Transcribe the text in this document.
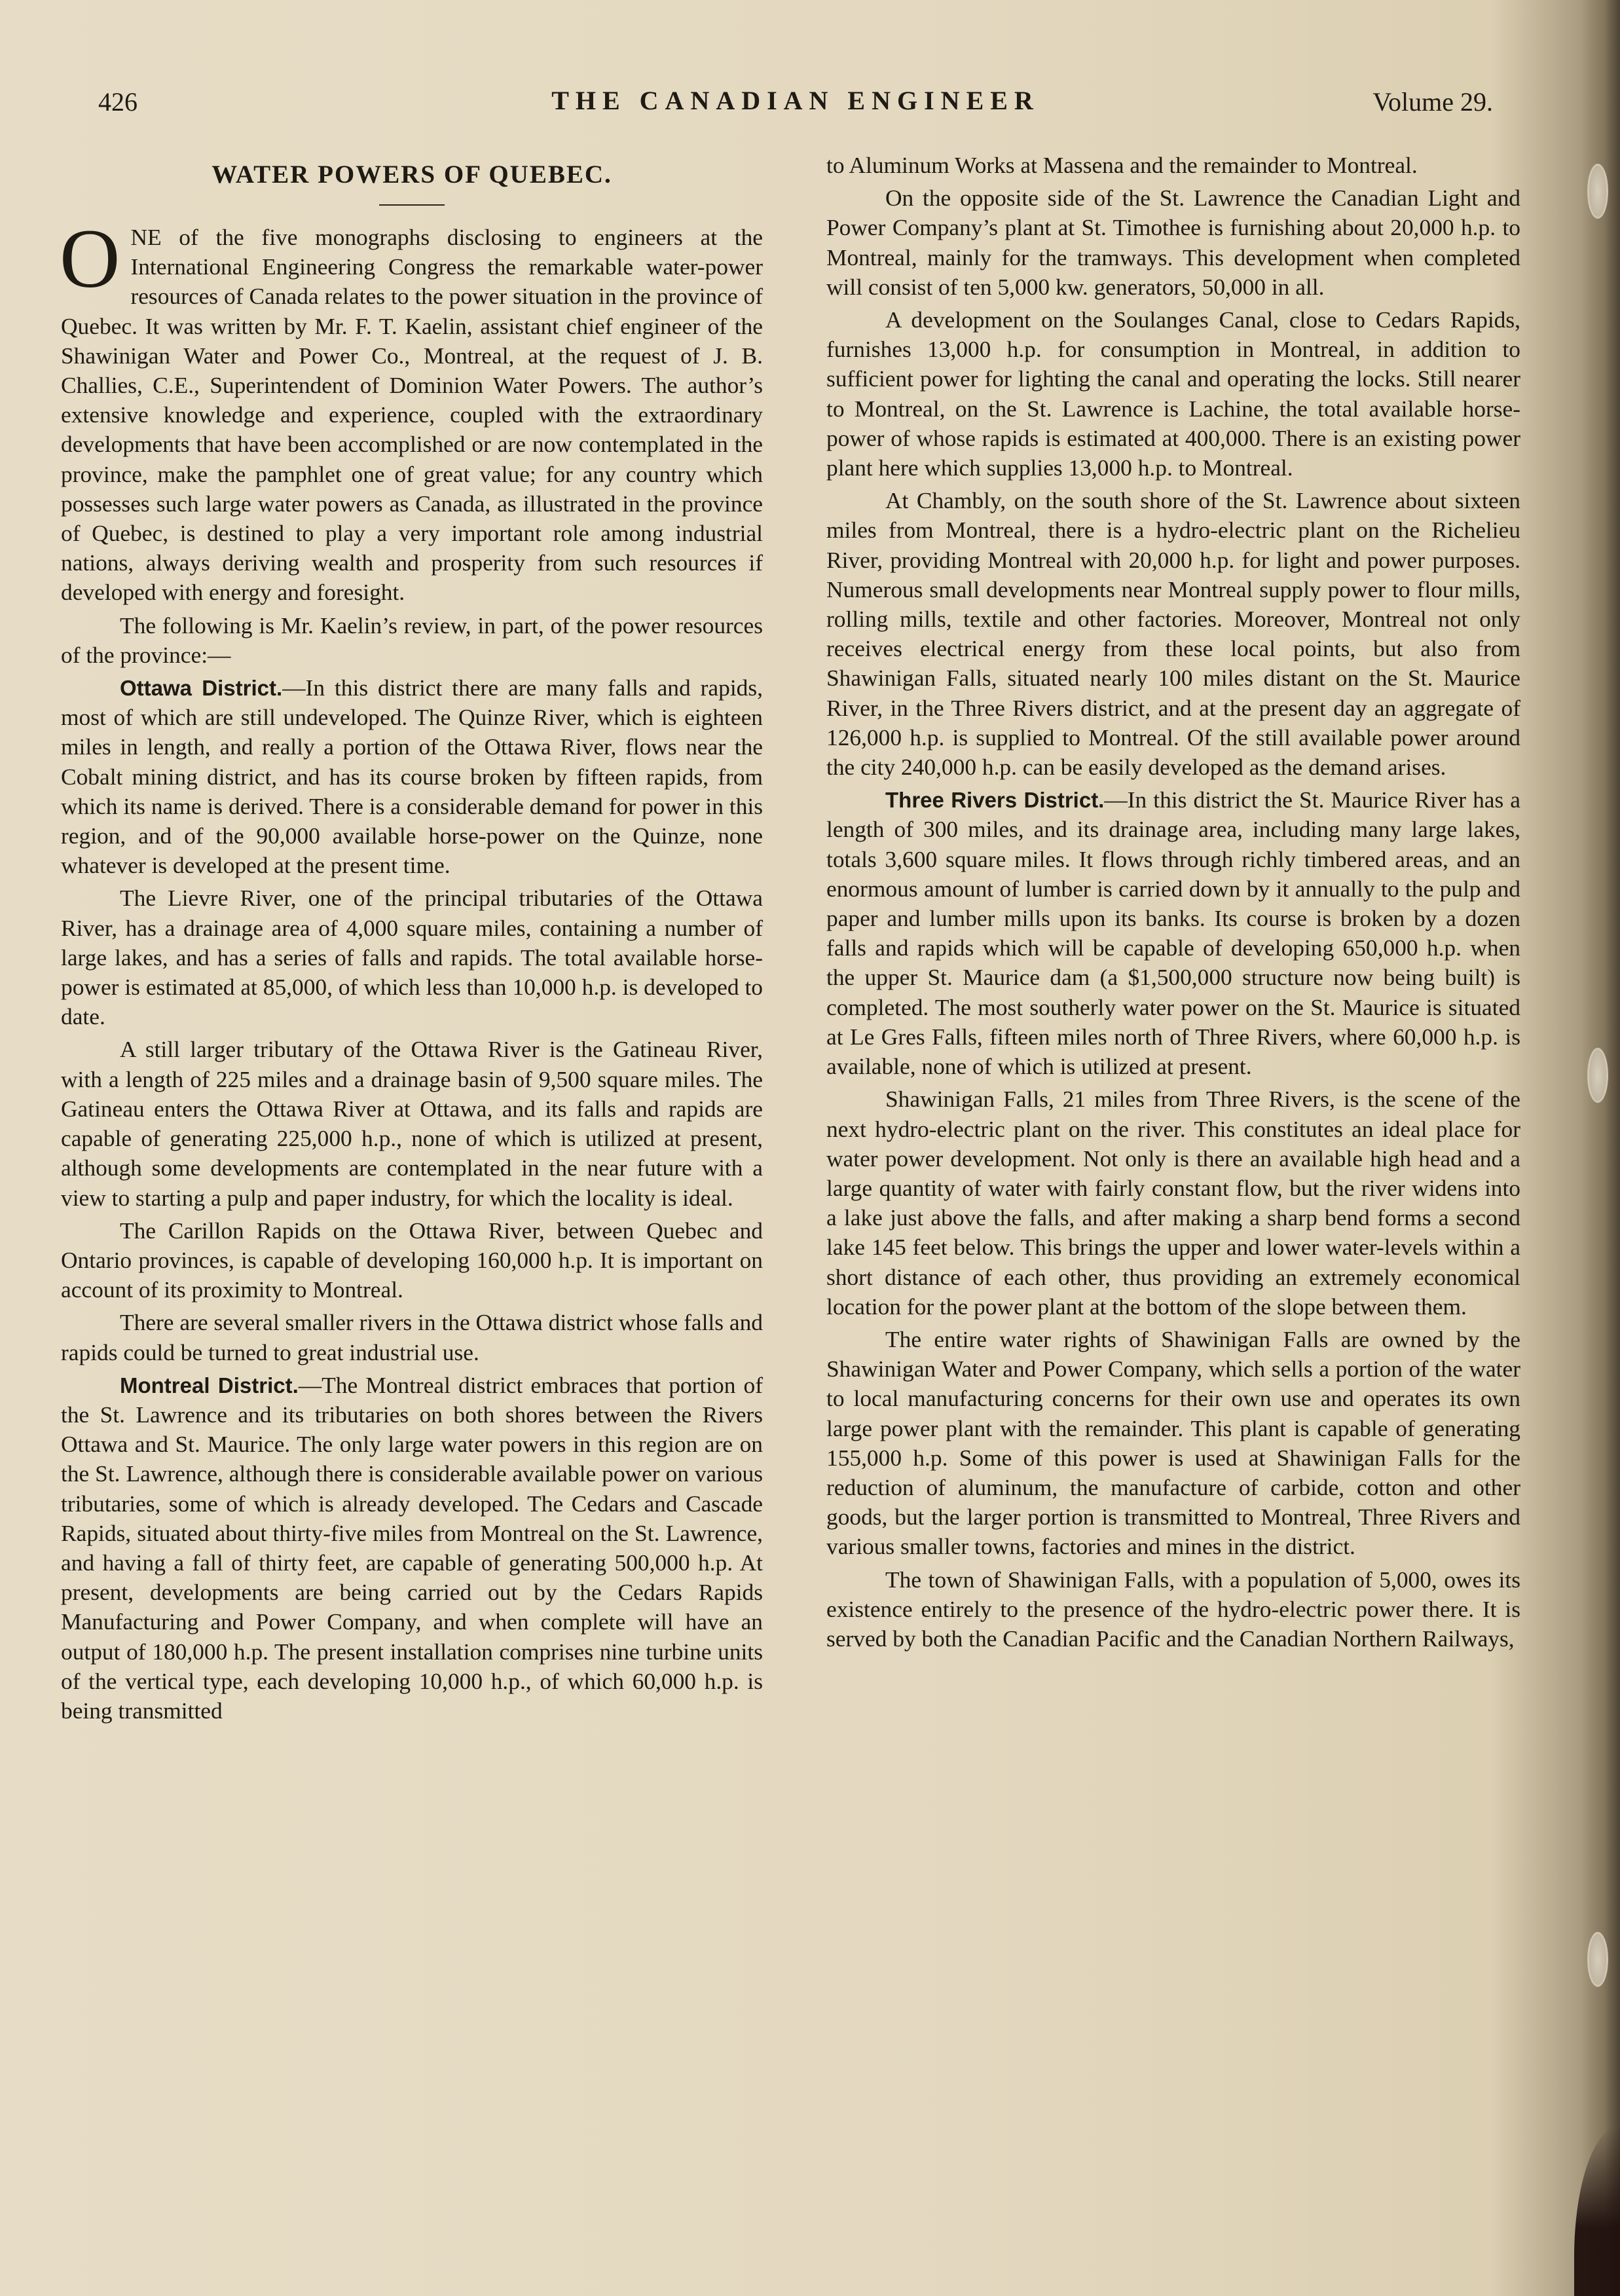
426	THE CANADIAN ENGINEER	Volume 29.
WATER POWERS OF QUEBEC.

ONE of the five monographs disclosing to engineers at the International Engineering Congress the remarkable water-power resources of Canada relates to the power situation in the province of Quebec. It was written by Mr. F. T. Kaelin, assistant chief engineer of the Shawinigan Water and Power Co., Montreal, at the request of J. B. Challies, C.E., Superintendent of Dominion Water Powers. The author’s extensive knowledge and experience, coupled with the extraordinary developments that have been accomplished or are now contemplated in the province, make the pamphlet one of great value; for any country which possesses such large water powers as Canada, as illustrated in the province of Quebec, is destined to play a very important role among industrial nations, always deriving wealth and prosperity from such resources if developed with energy and foresight.

The following is Mr. Kaelin’s review, in part, of the power resources of the province:—

Ottawa District.—In this district there are many falls and rapids, most of which are still undeveloped. The Quinze River, which is eighteen miles in length, and really a portion of the Ottawa River, flows near the Cobalt mining district, and has its course broken by fifteen rapids, from which its name is derived. There is a considerable demand for power in this region, and of the 90,000 available horse-power on the Quinze, none whatever is developed at the present time.

The Lievre River, one of the principal tributaries of the Ottawa River, has a drainage area of 4,000 square miles, containing a number of large lakes, and has a series of falls and rapids. The total available horse-power is estimated at 85,000, of which less than 10,000 h.p. is developed to date.

A still larger tributary of the Ottawa River is the Gatineau River, with a length of 225 miles and a drainage basin of 9,500 square miles. The Gatineau enters the Ottawa River at Ottawa, and its falls and rapids are capable of generating 225,000 h.p., none of which is utilized at present, although some developments are contemplated in the near future with a view to starting a pulp and paper industry, for which the locality is ideal.

The Carillon Rapids on the Ottawa River, between Quebec and Ontario provinces, is capable of developing 160,000 h.p. It is important on account of its proximity to Montreal.

There are several smaller rivers in the Ottawa district whose falls and rapids could be turned to great industrial use.

Montreal District.—The Montreal district embraces that portion of the St. Lawrence and its tributaries on both shores between the Rivers Ottawa and St. Maurice. The only large water powers in this region are on the St. Lawrence, although there is considerable available power on various tributaries, some of which is already developed. The Cedars and Cascade Rapids, situated about thirty-five miles from Montreal on the St. Lawrence, and having a fall of thirty feet, are capable of generating 500,000 h.p. At present, developments are being carried out by the Cedars Rapids Manufacturing and Power Company, and when complete will have an output of 180,000 h.p. The present installation comprises nine turbine units of the vertical type, each developing 10,000 h.p., of which 60,000 h.p. is being transmitted

to Aluminum Works at Massena and the remainder to Montreal.

On the opposite side of the St. Lawrence the Canadian Light and Power Company’s plant at St. Timothee is furnishing about 20,000 h.p. to Montreal, mainly for the tramways. This development when completed will consist of ten 5,000 kw. generators, 50,000 in all.

A development on the Soulanges Canal, close to Cedars Rapids, furnishes 13,000 h.p. for consumption in Montreal, in addition to sufficient power for lighting the canal and operating the locks. Still nearer to Montreal, on the St. Lawrence is Lachine, the total available horse-power of whose rapids is estimated at 400,000. There is an existing power plant here which supplies 13,000 h.p. to Montreal.

At Chambly, on the south shore of the St. Lawrence about sixteen miles from Montreal, there is a hydro-electric plant on the Richelieu River, providing Montreal with 20,000 h.p. for light and power purposes. Numerous small developments near Montreal supply power to flour mills, rolling mills, textile and other factories. Moreover, Montreal not only receives electrical energy from these local points, but also from Shawinigan Falls, situated nearly 100 miles distant on the St. Maurice River, in the Three Rivers district, and at the present day an aggregate of 126,000 h.p. is supplied to Montreal. Of the still available power around the city 240,000 h.p. can be easily developed as the demand arises.

Three Rivers District.—In this district the St. Maurice River has a length of 300 miles, and its drainage area, including many large lakes, totals 3,600 square miles. It flows through richly timbered areas, and an enormous amount of lumber is carried down by it annually to the pulp and paper and lumber mills upon its banks. Its course is broken by a dozen falls and rapids which will be capable of developing 650,000 h.p. when the upper St. Maurice dam (a $1,500,000 structure now being built) is completed. The most southerly water power on the St. Maurice is situated at Le Gres Falls, fifteen miles north of Three Rivers, where 60,000 h.p. is available, none of which is utilized at present.

Shawinigan Falls, 21 miles from Three Rivers, is the scene of the next hydro-electric plant on the river. This constitutes an ideal place for water power development. Not only is there an available high head and a large quantity of water with fairly constant flow, but the river widens into a lake just above the falls, and after making a sharp bend forms a second lake 145 feet below. This brings the upper and lower water-levels within a short distance of each other, thus providing an extremely economical location for the power plant at the bottom of the slope between them.

The entire water rights of Shawinigan Falls are owned by the Shawinigan Water and Power Company, which sells a portion of the water to local manufacturing concerns for their own use and operates its own large power plant with the remainder. This plant is capable of generating 155,000 h.p. Some of this power is used at Shawinigan Falls for the reduction of aluminum, the manufacture of carbide, cotton and other goods, but the larger portion is transmitted to Montreal, Three Rivers and various smaller towns, factories and mines in the district.

The town of Shawinigan Falls, with a population of 5,000, owes its existence entirely to the presence of the hydro-electric power there. It is served by both the Canadian Pacific and the Canadian Northern Railways,
